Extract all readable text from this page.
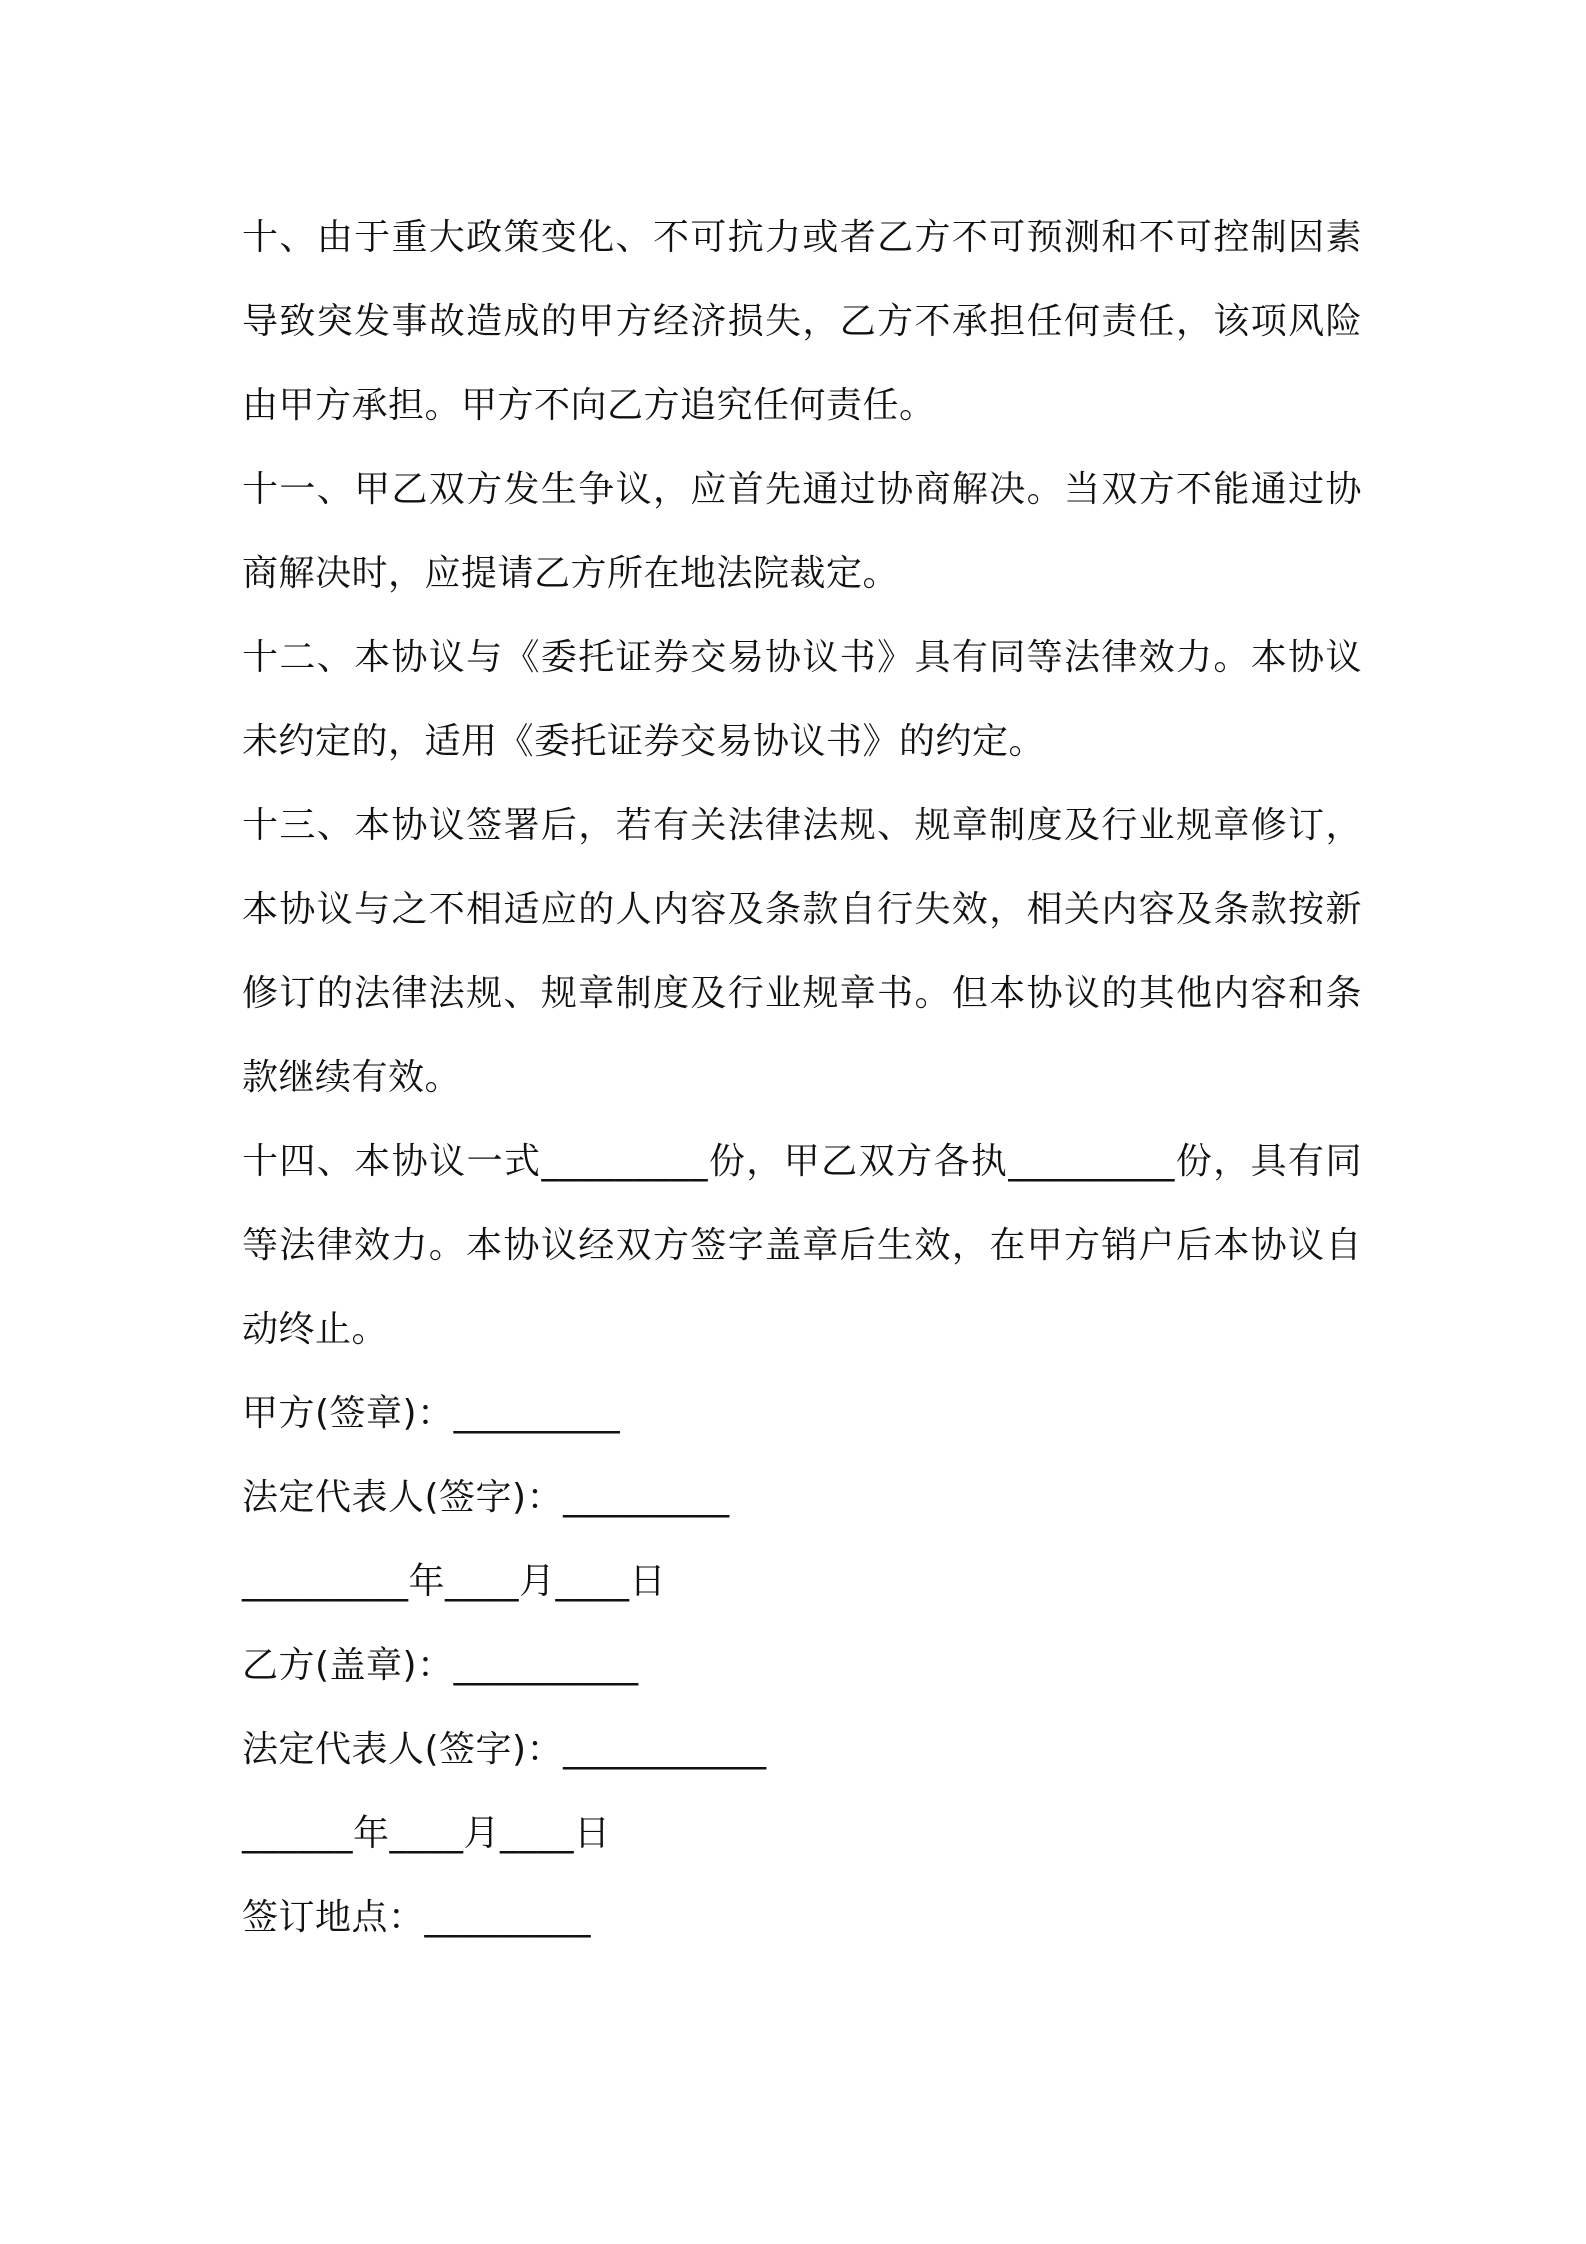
十、由于重大政策变化、不可抗力或者乙方不可预测和不可控制因素导致突发事故造成的甲方经济损失，乙方不承担任何责任，该项风险由甲方承担。甲方不向乙方追究任何责任。

十一、甲乙双方发生争议，应首先通过协商解决。当双方不能通过协商解决时，应提请乙方所在地法院裁定。

十二、本协议与《委托证券交易协议书》具有同等法律效力。本协议未约定的，适用《委托证券交易协议书》的约定。

十三、本协议签署后，若有关法律法规、规章制度及行业规章修订，本协议与之不相适应的人内容及条款自行失效，相关内容及条款按新修订的法律法规、规章制度及行业规章书。但本协议的其他内容和条款继续有效。

十四、本协议一式_________份，甲乙双方各执_________份，具有同等法律效力。本协议经双方签字盖章后生效，在甲方销户后本协议自动终止。

甲方(签章)：_________

法定代表人(签字)：_________

_________年____月____日

乙方(盖章)：__________

法定代表人(签字)：___________

______年____月____日

签订地点：_________
